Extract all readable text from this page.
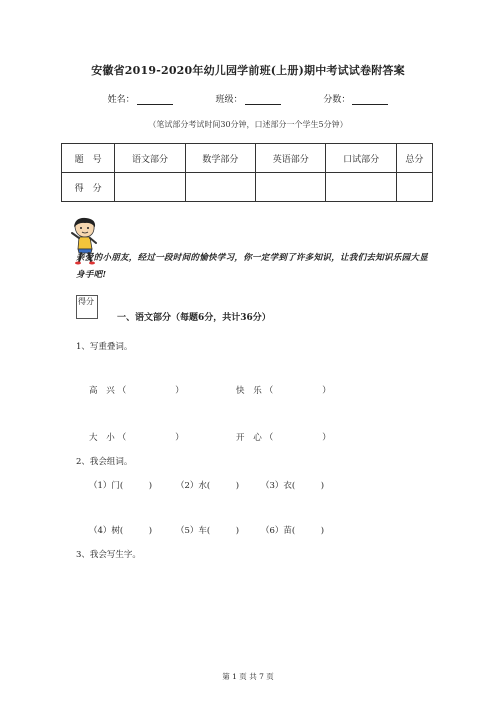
安徽省2019-2020年幼儿园学前班(上册)期中考试试卷附答案
姓名：	班级：	分数：
（笔试部分考试时间30分钟，口述部分一个学生5分钟）
题　号	语文部分	数学部分	英语部分	口试部分	总分
得　分					
亲爱的小朋友，经过一段时间的愉快学习，你一定学到了许多知识，让我们去知识乐园大显身手吧!
得分
一、语文部分（每题6分，共计36分）
1、写重叠词。
高 兴（　　　　）	快 乐（　　　　）
大 小（　　　　）	开 心（　　　　）
2、我会组词。
（1）门(　　　)	（2）水(　　　)	（3）衣(　　　)
（4）树(　　　)	（5）车(　　　)	（6）苗(　　　)
3、我会写生字。
第 1 页 共 7 页
